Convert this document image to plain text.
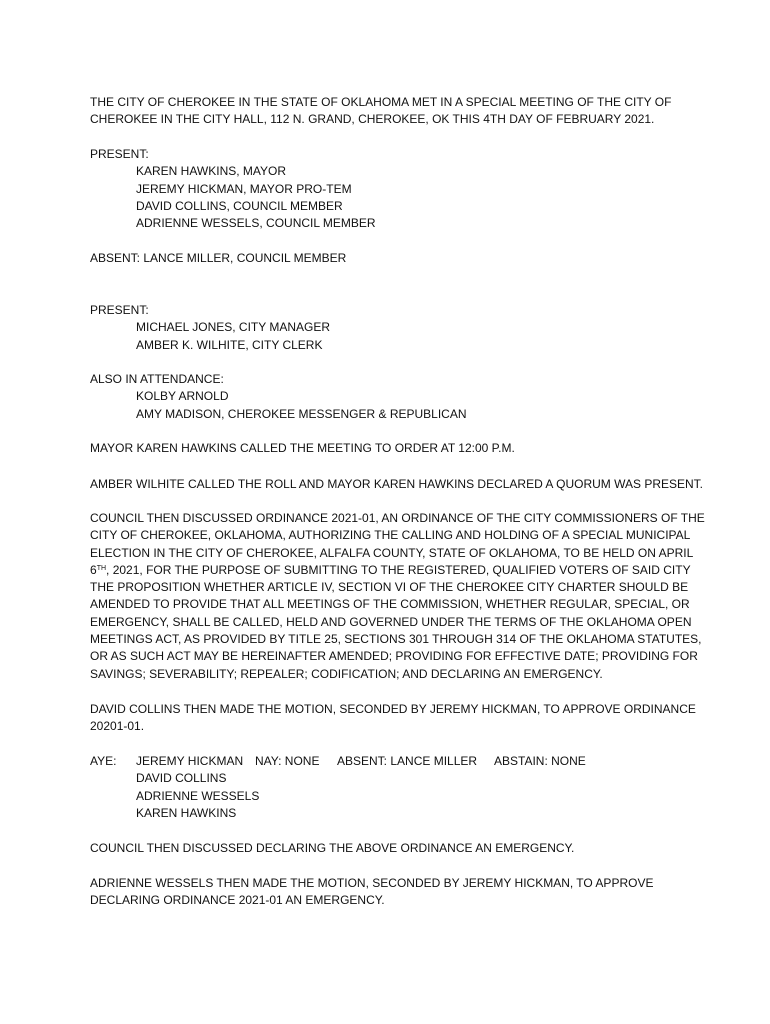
THE CITY OF CHEROKEE IN THE STATE OF OKLAHOMA MET IN A SPECIAL MEETING OF THE CITY OF
CHEROKEE IN THE CITY HALL, 112 N. GRAND, CHEROKEE, OK THIS 4TH DAY OF FEBRUARY 2021.
PRESENT:
KAREN HAWKINS, MAYOR
JEREMY HICKMAN, MAYOR PRO-TEM
DAVID COLLINS, COUNCIL MEMBER
ADRIENNE WESSELS, COUNCIL MEMBER
ABSENT: LANCE MILLER, COUNCIL MEMBER
PRESENT:
MICHAEL JONES, CITY MANAGER
AMBER K. WILHITE, CITY CLERK
ALSO IN ATTENDANCE:
KOLBY ARNOLD
AMY MADISON, CHEROKEE MESSENGER & REPUBLICAN
MAYOR KAREN HAWKINS CALLED THE MEETING TO ORDER AT 12:00 P.M.
AMBER WILHITE CALLED THE ROLL AND MAYOR KAREN HAWKINS DECLARED A QUORUM WAS PRESENT.
COUNCIL THEN DISCUSSED ORDINANCE 2021-01, AN ORDINANCE OF THE CITY COMMISSIONERS OF THE
CITY OF CHEROKEE, OKLAHOMA, AUTHORIZING THE CALLING AND HOLDING OF A SPECIAL MUNICIPAL
ELECTION IN THE CITY OF CHEROKEE, ALFALFA COUNTY, STATE OF OKLAHOMA, TO BE HELD ON APRIL
6TH, 2021, FOR THE PURPOSE OF SUBMITTING TO THE REGISTERED, QUALIFIED VOTERS OF SAID CITY
THE PROPOSITION WHETHER ARTICLE IV, SECTION VI OF THE CHEROKEE CITY CHARTER SHOULD BE
AMENDED TO PROVIDE THAT ALL MEETINGS OF THE COMMISSION, WHETHER REGULAR, SPECIAL, OR
EMERGENCY, SHALL BE CALLED, HELD AND GOVERNED UNDER THE TERMS OF THE OKLAHOMA OPEN
MEETINGS ACT, AS PROVIDED BY TITLE 25, SECTIONS 301 THROUGH 314 OF THE OKLAHOMA STATUTES,
OR AS SUCH ACT MAY BE HEREINAFTER AMENDED; PROVIDING FOR EFFECTIVE DATE; PROVIDING FOR
SAVINGS; SEVERABILITY; REPEALER; CODIFICATION; AND DECLARING AN EMERGENCY.
DAVID COLLINS THEN MADE THE MOTION, SECONDED BY JEREMY HICKMAN, TO APPROVE ORDINANCE
20201-01.
AYE: JEREMY HICKMAN NAY: NONE ABSENT: LANCE MILLER ABSTAIN: NONE
DAVID COLLINS
ADRIENNE WESSELS
KAREN HAWKINS
COUNCIL THEN DISCUSSED DECLARING THE ABOVE ORDINANCE AN EMERGENCY.
ADRIENNE WESSELS THEN MADE THE MOTION, SECONDED BY JEREMY HICKMAN, TO APPROVE
DECLARING ORDINANCE 2021-01 AN EMERGENCY.
